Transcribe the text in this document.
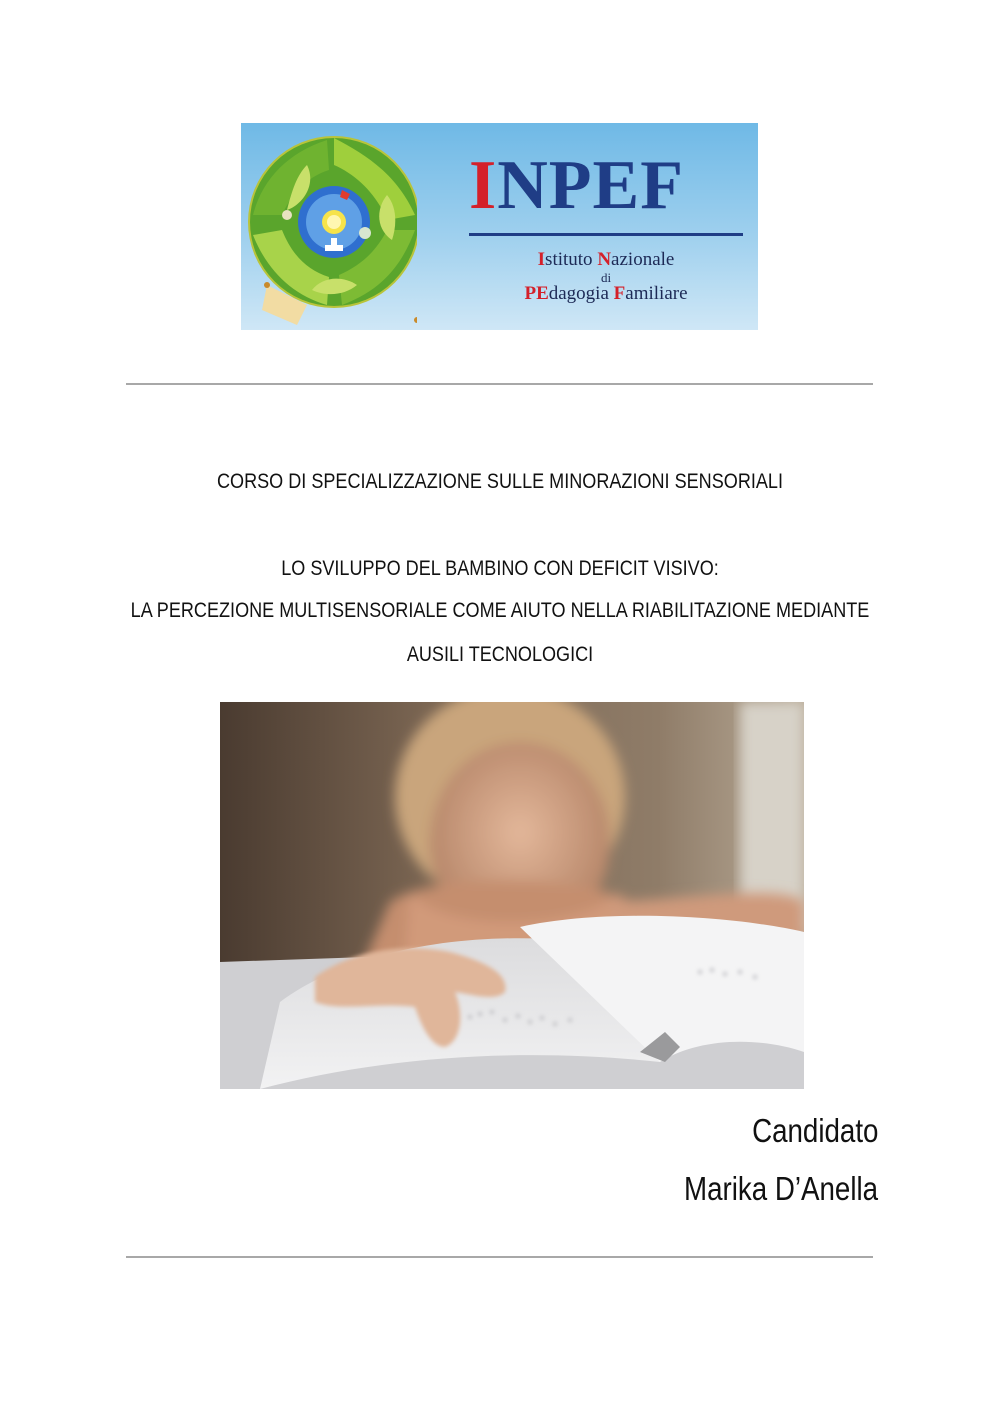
INPEF
Istituto Nazionale
di
PEdagogia Familiare

CORSO DI SPECIALIZZAZIONE SULLE MINORAZIONI SENSORIALI

LO SVILUPPO DEL BAMBINO CON DEFICIT VISIVO:

LA PERCEZIONE MULTISENSORIALE COME AIUTO NELLA RIABILITAZIONE MEDIANTE

AUSILI TECNOLOGICI

Candidato

Marika D’Anella
